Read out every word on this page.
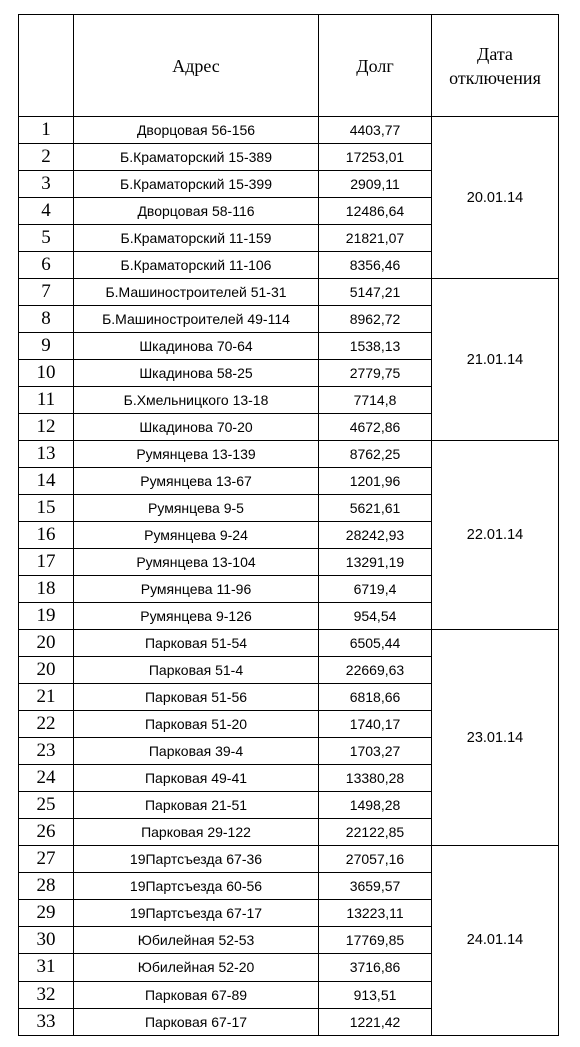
	Адрес	Долг	Дата
отключения
1	Дворцовая 56-156	4403,77	20.01.14
2	Б.Краматорский 15-389	17253,01	
3	Б.Краматорский 15-399	2909,11	
4	Дворцовая 58-116	12486,64	
5	Б.Краматорский 11-159	21821,07	
6	Б.Краматорский 11-106	8356,46	
7	Б.Машиностроителей 51-31	5147,21	21.01.14
8	Б.Машиностроителей 49-114	8962,72	
9	Шкадинова 70-64	1538,13	
10	Шкадинова 58-25	2779,75	
11	Б.Хмельницкого 13-18	7714,8	
12	Шкадинова 70-20	4672,86	
13	Румянцева 13-139	8762,25	22.01.14
14	Румянцева 13-67	1201,96	
15	Румянцева 9-5	5621,61	
16	Румянцева 9-24	28242,93	
17	Румянцева 13-104	13291,19	
18	Румянцева 11-96	6719,4	
19	Румянцева 9-126	954,54	
20	Парковая 51-54	6505,44	23.01.14
20	Парковая 51-4	22669,63	
21	Парковая 51-56	6818,66	
22	Парковая 51-20	1740,17	
23	Парковая 39-4	1703,27	
24	Парковая 49-41	13380,28	
25	Парковая 21-51	1498,28	
26	Парковая 29-122	22122,85	
27	19Партсъезда 67-36	27057,16	24.01.14
28	19Партсъезда 60-56	3659,57	
29	19Партсъезда 67-17	13223,11	
30	Юбилейная 52-53	17769,85	
31	Юбилейная 52-20	3716,86	
32	Парковая 67-89	913,51	
33	Парковая 67-17	1221,42	
